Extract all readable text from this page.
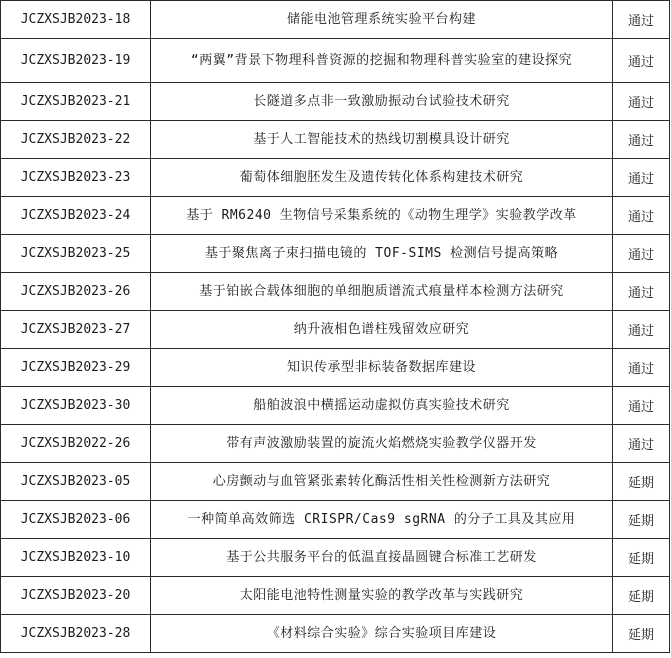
JCZXSJB2023-18	储能电池管理系统实验平台构建	通过
JCZXSJB2023-19	“两翼”背景下物理科普资源的挖掘和物理科普实验室的建设探究	通过
JCZXSJB2023-21	长隧道多点非一致激励振动台试验技术研究	通过
JCZXSJB2023-22	基于人工智能技术的热线切割模具设计研究	通过
JCZXSJB2023-23	葡萄体细胞胚发生及遗传转化体系构建技术研究	通过
JCZXSJB2023-24	基于 RM6240 生物信号采集系统的《动物生理学》实验教学改革	通过
JCZXSJB2023-25	基于聚焦离子束扫描电镜的 TOF-SIMS 检测信号提高策略	通过
JCZXSJB2023-26	基于铂嵌合载体细胞的单细胞质谱流式痕量样本检测方法研究	通过
JCZXSJB2023-27	纳升液相色谱柱残留效应研究	通过
JCZXSJB2023-29	知识传承型非标装备数据库建设	通过
JCZXSJB2023-30	船舶波浪中横摇运动虚拟仿真实验技术研究	通过
JCZXSJB2022-26	带有声波激励装置的旋流火焰燃烧实验教学仪器开发	通过
JCZXSJB2023-05	心房颤动与血管紧张素转化酶活性相关性检测新方法研究	延期
JCZXSJB2023-06	一种简单高效筛选 CRISPR/Cas9 sgRNA 的分子工具及其应用	延期
JCZXSJB2023-10	基于公共服务平台的低温直接晶圆键合标准工艺研发	延期
JCZXSJB2023-20	太阳能电池特性测量实验的教学改革与实践研究	延期
JCZXSJB2023-28	《材料综合实验》综合实验项目库建设	延期
